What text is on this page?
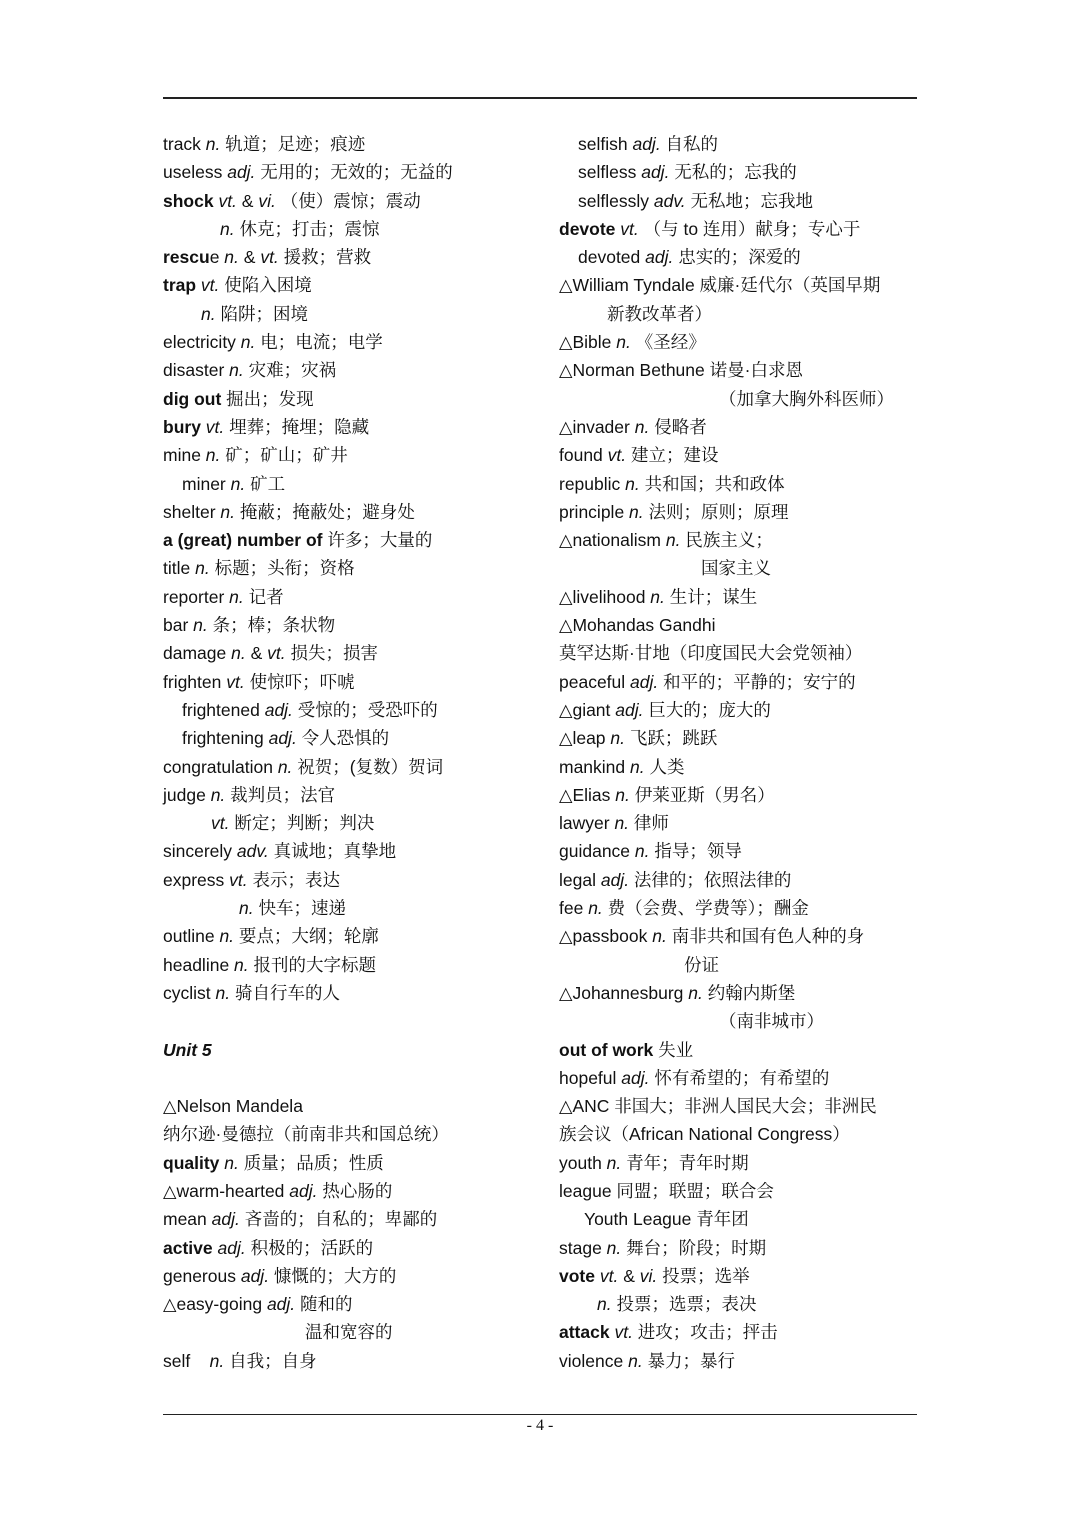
track n. 轨道；足迹；痕迹
useless adj. 无用的；无效的；无益的
shock vt. & vi. （使）震惊；震动
n. 休克；打击；震惊
rescue n. & vt. 援救；营救
trap vt. 使陷入困境
n. 陷阱；困境
electricity n. 电；电流；电学
disaster n. 灾难；灾祸
dig out 掘出；发现
bury vt. 埋葬；掩埋；隐藏
mine n. 矿；矿山；矿井
miner n. 矿工
shelter n. 掩蔽；掩蔽处；避身处
a (great) number of 许多；大量的
title n. 标题；头衔；资格
reporter n. 记者
bar n. 条；棒；条状物
damage n. & vt. 损失；损害
frighten vt. 使惊吓；吓唬
frightened adj. 受惊的；受恐吓的
frightening adj. 令人恐惧的
congratulation n. 祝贺；(复数）贺词
judge n. 裁判员；法官
vt. 断定；判断；判决
sincerely adv. 真诚地；真挚地
express vt. 表示；表达
n. 快车；速递
outline n. 要点；大纲；轮廓
headline n. 报刊的大字标题
cyclist n. 骑自行车的人
Unit 5
△Nelson Mandela
纳尔逊·曼德拉（前南非共和国总统）
quality n. 质量；品质；性质
△warm-hearted adj. 热心肠的
mean adj. 吝啬的；自私的；卑鄙的
active adj. 积极的；活跃的
generous adj. 慷慨的；大方的
△easy-going adj. 随和的
温和宽容的
self    n. 自我；自身
selfish adj. 自私的
selfless adj. 无私的；忘我的
selflessly adv. 无私地；忘我地
devote vt. （与 to 连用）献身；专心于
devoted adj. 忠实的；深爱的
△William Tyndale 威廉·廷代尔（英国早期
新教改革者）
△Bible n. 《圣经》
△Norman Bethune 诺曼·白求恩
（加拿大胸外科医师）
△invader n. 侵略者
found vt. 建立；建设
republic n. 共和国；共和政体
principle n. 法则；原则；原理
△nationalism n. 民族主义；
国家主义
△livelihood n. 生计；谋生
△Mohandas Gandhi
莫罕达斯·甘地（印度国民大会党领袖）
peaceful adj. 和平的；平静的；安宁的
△giant adj. 巨大的；庞大的
△leap n. 飞跃；跳跃
mankind n. 人类
△Elias n. 伊莱亚斯（男名）
lawyer n. 律师
guidance n. 指导；领导
legal adj. 法律的；依照法律的
fee n. 费（会费、学费等）；酬金
△passbook n. 南非共和国有色人种的身
份证
△Johannesburg n. 约翰内斯堡
（南非城市）
out of work 失业
hopeful adj. 怀有希望的；有希望的
△ANC 非国大；非洲人国民大会；非洲民
族会议（African National Congress）
youth n. 青年；青年时期
league 同盟；联盟；联合会
Youth League 青年团
stage n. 舞台；阶段；时期
vote vt. & vi. 投票；选举
n. 投票；选票；表决
attack vt. 进攻；攻击；抨击
violence n. 暴力；暴行
- 4 -
